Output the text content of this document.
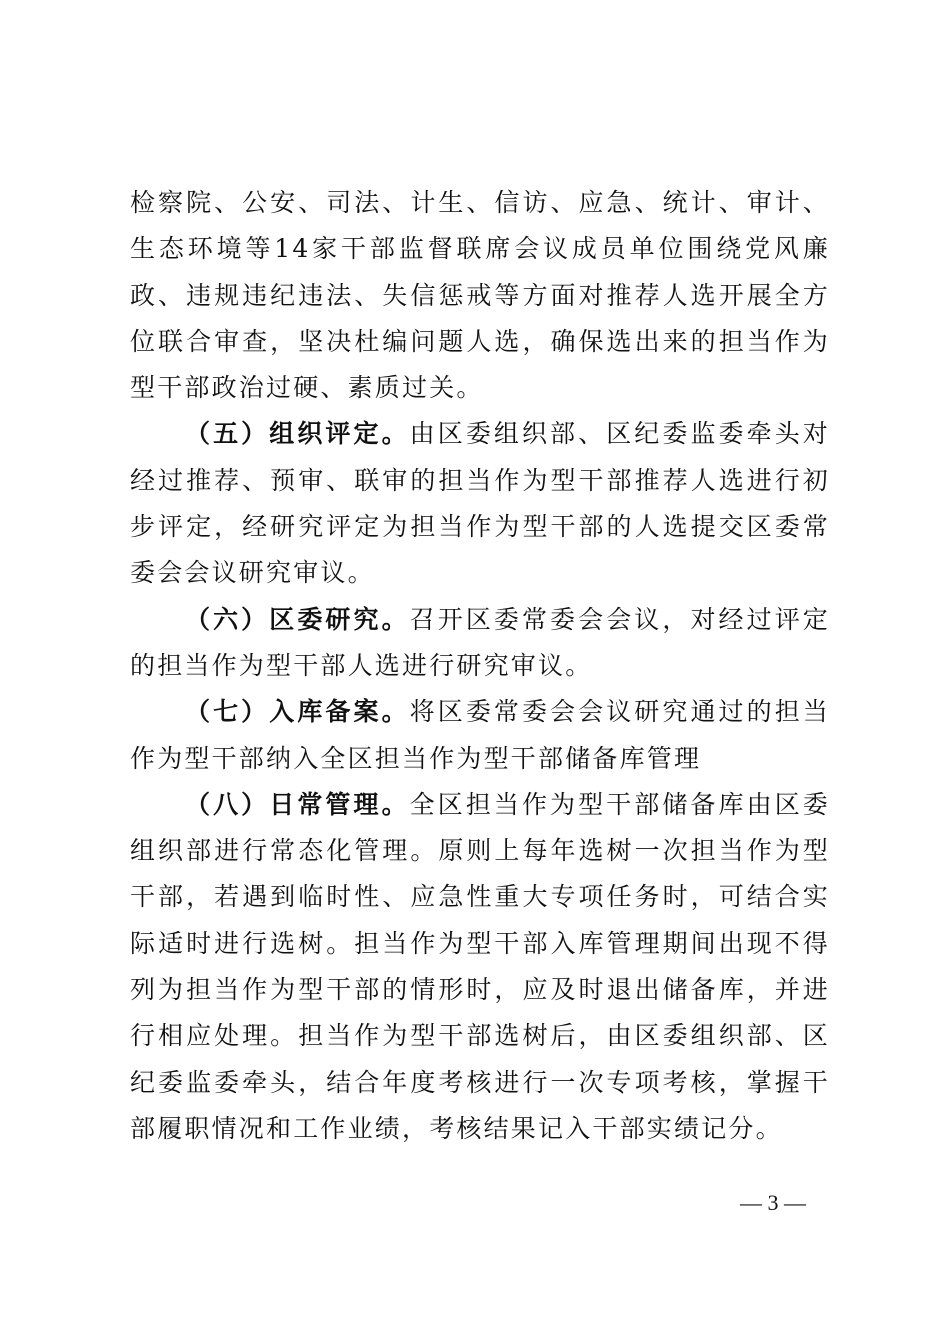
检察院、公安、司法、计生、信访、应急、统计、审计、生态环境等14家干部监督联席会议成员单位围绕党风廉政、违规违纪违法、失信惩戒等方面对推荐人选开展全方位联合审查，坚决杜编问题人选，确保选出来的担当作为型干部政治过硬、素质过关。

（五）组织评定。由区委组织部、区纪委监委牵头对经过推荐、预审、联审的担当作为型干部推荐人选进行初步评定，经研究评定为担当作为型干部的人选提交区委常委会会议研究审议。

（六）区委研究。召开区委常委会会议，对经过评定的担当作为型干部人选进行研究审议。

（七）入库备案。将区委常委会会议研究通过的担当作为型干部纳入全区担当作为型干部储备库管理

（八）日常管理。全区担当作为型干部储备库由区委组织部进行常态化管理。原则上每年选树一次担当作为型干部，若遇到临时性、应急性重大专项任务时，可结合实际适时进行选树。担当作为型干部入库管理期间出现不得列为担当作为型干部的情形时，应及时退出储备库，并进行相应处理。担当作为型干部选树后，由区委组织部、区纪委监委牵头，结合年度考核进行一次专项考核，掌握干部履职情况和工作业绩，考核结果记入干部实绩记分。

— 3 —
